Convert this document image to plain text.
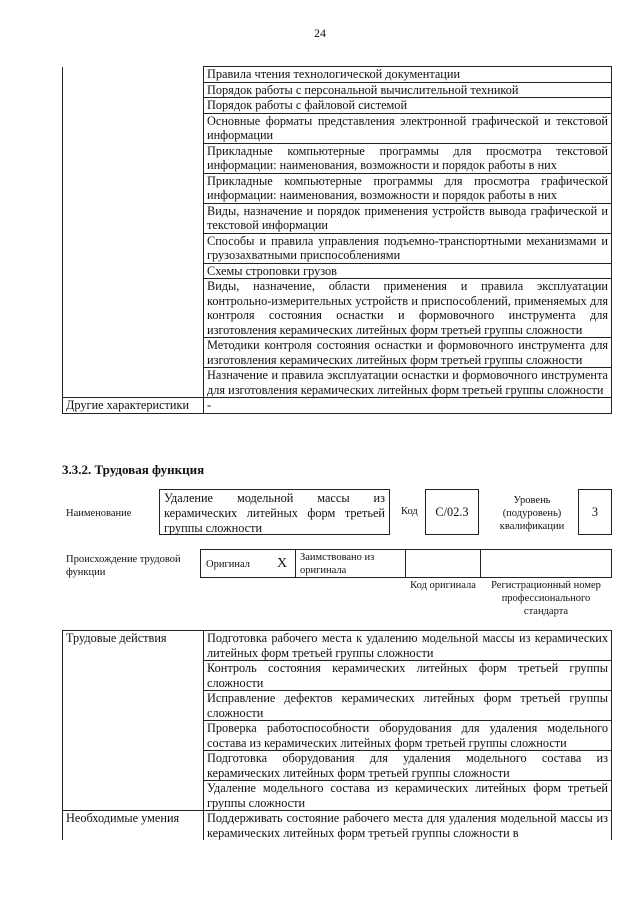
24
	Правила чтения технологической документации
	Порядок работы с персональной вычислительной техникой
	Порядок работы с файловой системой
	Основные форматы представления электронной графической и текстовой информации
	Прикладные компьютерные программы для просмотра текстовой информации: наименования, возможности и порядок работы в них
	Прикладные компьютерные программы для просмотра графической информации: наименования, возможности и порядок работы в них
	Виды, назначение и порядок применения устройств вывода графической и текстовой информации
	Способы и правила управления подъемно-транспортными механизмами и грузозахватными приспособлениями
	Схемы строповки грузов
	Виды, назначение, области применения и правила эксплуатации контрольно-измерительных устройств и приспособлений, применяемых для контроля состояния оснастки и формовочного инструмента для изготовления керамических литейных форм третьей группы сложности
	Методики контроля состояния оснастки и формовочного инструмента для изготовления керамических литейных форм третьей группы сложности
	Назначение и правила эксплуатации оснастки и формовочного инструмента для изготовления керамических литейных форм третьей группы сложности
Другие характеристики	-
3.3.2. Трудовая функция
Наименование
Удаление модельной массы из керамических литейных форм третьей группы сложности
Код	С/02.3
Уровень (подуровень) квалификации
3
Происхождение трудовой функции
Оригинал X	Заимствовано из оригинала
Код оригинала	Регистрационный номер профессионального стандарта
Трудовые действия	Подготовка рабочего места к удалению модельной массы из керамических литейных форм третьей группы сложности
	Контроль состояния керамических литейных форм третьей группы сложности
	Исправление дефектов керамических литейных форм третьей группы сложности
	Проверка работоспособности оборудования для удаления модельного состава из керамических литейных форм третьей группы сложности
	Подготовка оборудования для удаления модельного состава из керамических литейных форм третьей группы сложности
	Удаление модельного состава из керамических литейных форм третьей группы сложности
Необходимые умения	Поддерживать состояние рабочего места для удаления модельной массы из керамических литейных форм третьей группы сложности в
